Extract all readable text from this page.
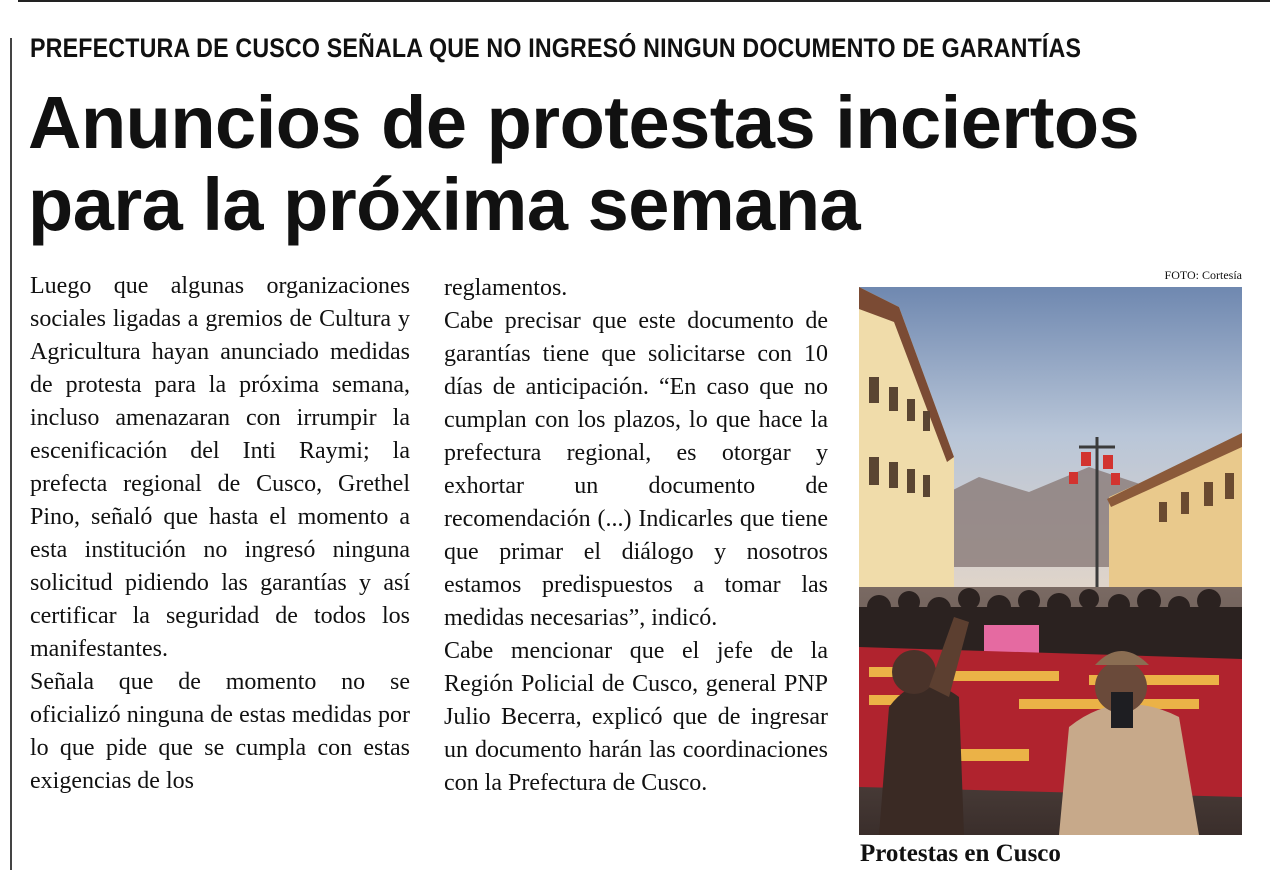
PREFECTURA DE CUSCO SEÑALA QUE NO INGRESÓ NINGUN DOCUMENTO DE GARANTÍAS
Anuncios de protestas inciertos
para la próxima semana

Luego que algunas organizaciones sociales ligadas a gremios de Cultura y Agricultura hayan anunciado medidas de protesta para la próxima semana, incluso amenazaran con irrumpir la escenificación del Inti Raymi; la prefecta regional de Cusco, Grethel Pino, señaló que hasta el momento a esta institución no ingresó ninguna solicitud pidiendo las garantías y así certificar la seguridad de todos los manifestantes.

Señala que de momento no se oficializó ninguna de estas medidas por lo que pide que se cumpla con estas exigencias de los

reglamentos.

Cabe precisar que este documento de garantías tiene que solicitarse con 10 días de anticipación. “En caso que no cumplan con los plazos, lo que hace la prefectura regional, es otorgar y exhortar un documento de recomendación (...) Indicarles que tiene que primar el diálogo y nosotros estamos predispuestos a tomar las medidas necesarias”, indicó.

Cabe mencionar que el jefe de la Región Policial de Cusco, general PNP Julio Becerra, explicó que de ingresar un documento harán las coordinaciones con la Prefectura de Cusco.

FOTO: Cortesía
Protestas en Cusco
